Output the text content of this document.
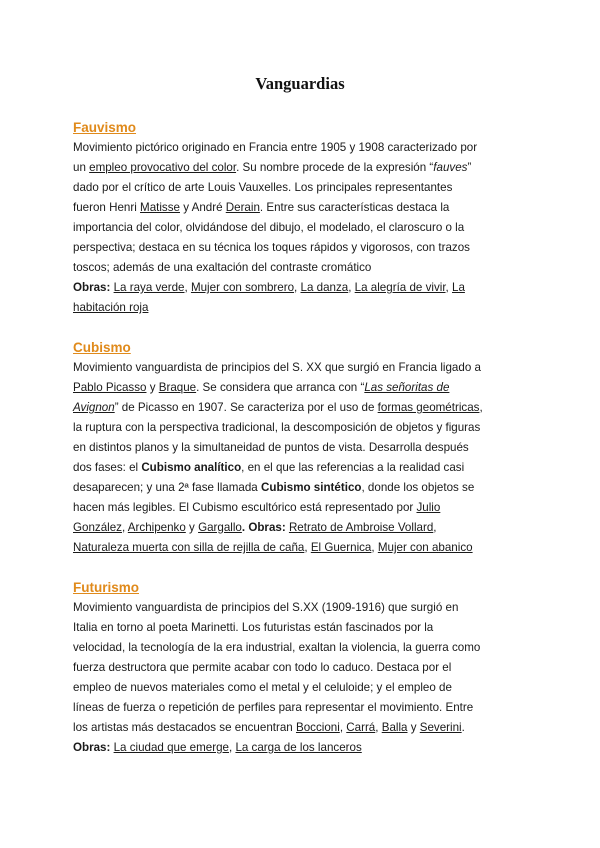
Vanguardias
Fauvismo
Movimiento pictórico originado en Francia entre 1905 y 1908 caracterizado por
un empleo provocativo del color. Su nombre procede de la expresión “fauves”
dado por el crítico de arte Louis Vauxelles. Los principales representantes
fueron Henri Matisse y André Derain. Entre sus características destaca la
importancia del color, olvidándose del dibujo, el modelado, el claroscuro o la
perspectiva; destaca en su técnica los toques rápidos y vigorosos, con trazos
toscos; además de una exaltación del contraste cromático
Obras: La raya verde, Mujer con sombrero, La danza, La alegría de vivir, La
habitación roja
Cubismo
Movimiento vanguardista de principios del S. XX que surgió en Francia ligado a
Pablo Picasso y Braque. Se considera que arranca con “Las señoritas de
Avignon” de Picasso en 1907. Se caracteriza por el uso de formas geométricas,
la ruptura con la perspectiva tradicional, la descomposición de objetos y figuras
en distintos planos y la simultaneidad de puntos de vista. Desarrolla después
dos fases: el Cubismo analítico, en el que las referencias a la realidad casi
desaparecen; y una 2ª fase llamada Cubismo sintético, donde los objetos se
hacen más legibles. El Cubismo escultórico está representado por Julio
González, Archipenko y Gargallo. Obras: Retrato de Ambroise Vollard,
Naturaleza muerta con silla de rejilla de caña, El Guernica, Mujer con abanico
Futurismo
Movimiento vanguardista de principios del S.XX (1909-1916) que surgió en
Italia en torno al poeta Marinetti. Los futuristas están fascinados por la
velocidad, la tecnología de la era industrial, exaltan la violencia, la guerra como
fuerza destructora que permite acabar con todo lo caduco. Destaca por el
empleo de nuevos materiales como el metal y el celuloide; y el empleo de
líneas de fuerza o repetición de perfiles para representar el movimiento. Entre
los artistas más destacados se encuentran Boccioni, Carrá, Balla y Severini.
Obras: La ciudad que emerge, La carga de los lanceros
